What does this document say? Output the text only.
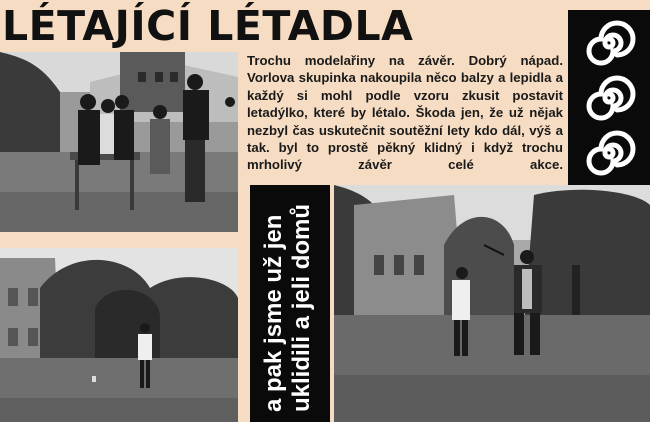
LÉTAJÍCÍ LÉTADLA
Trochu modelařiny na závěr. Dobrý nápad. Vorlova skupinka nakoupila něco balzy a lepidla a každý si mohl podle vzoru zkusit postavit letadýlko, které by létalo. Škoda jen, že už nějak nezbyl čas uskutečnit soutěžní lety kdo dál, výš a tak. byl to prostě pěkný klidný i když trochu mrholivý závěr celé akce.
a pak jsme už jen uklidili a jeli domů
